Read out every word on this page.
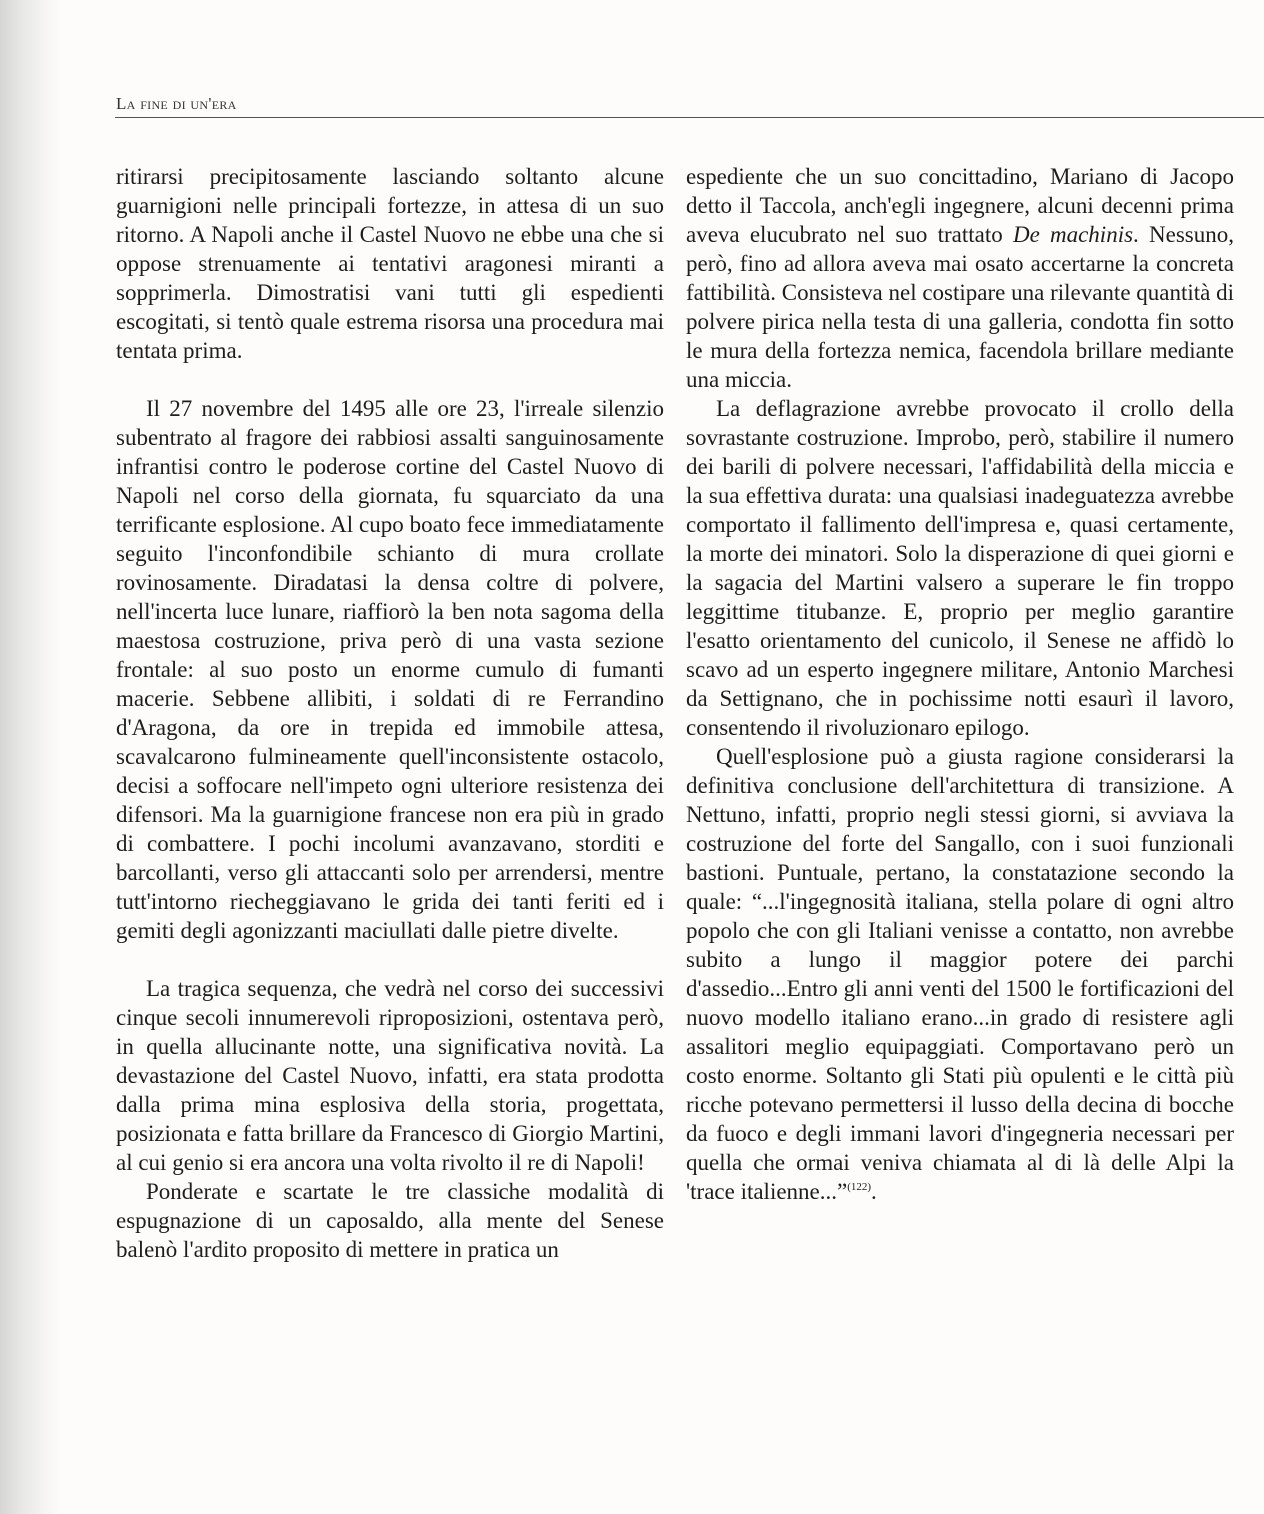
La fine di un'era

ritirarsi precipitosamente lasciando soltanto alcune guarnigioni nelle principali fortezze, in attesa di un suo ritorno. A Napoli anche il Castel Nuovo ne ebbe una che si oppose strenuamente ai tentativi aragonesi miranti a sopprimerla. Dimostratisi vani tutti gli espedienti escogitati, si tentò quale estrema risorsa una procedura mai tentata prima.

Il 27 novembre del 1495 alle ore 23, l'irreale silenzio subentrato al fragore dei rabbiosi assalti sanguinosamente infrantisi contro le poderose cortine del Castel Nuovo di Napoli nel corso della giornata, fu squarciato da una terrificante esplosione. Al cupo boato fece immediatamente seguito l'inconfondibile schianto di mura crollate rovinosamente. Diradatasi la densa coltre di polvere, nell'incerta luce lunare, riaffiorò la ben nota sagoma della maestosa costruzione, priva però di una vasta sezione frontale: al suo posto un enorme cumulo di fumanti macerie. Sebbene allibiti, i soldati di re Ferrandino d'Aragona, da ore in trepida ed immobile attesa, scavalcarono fulmineamente quell'inconsistente ostacolo, decisi a soffocare nell'impeto ogni ulteriore resistenza dei difensori. Ma la guarnigione francese non era più in grado di combattere. I pochi incolumi avanzavano, storditi e barcollanti, verso gli attaccanti solo per arrendersi, mentre tutt'intorno riecheggiavano le grida dei tanti feriti ed i gemiti degli agonizzanti maciullati dalle pietre divelte.

La tragica sequenza, che vedrà nel corso dei successivi cinque secoli innumerevoli riproposizioni, ostentava però, in quella allucinante notte, una significativa novità. La devastazione del Castel Nuovo, infatti, era stata prodotta dalla prima mina esplosiva della storia, progettata, posizionata e fatta brillare da Francesco di Giorgio Martini, al cui genio si era ancora una volta rivolto il re di Napoli!

Ponderate e scartate le tre classiche modalità di espugnazione di un caposaldo, alla mente del Senese balenò l'ardito proposito di mettere in pratica un

espediente che un suo concittadino, Mariano di Jacopo detto il Taccola, anch'egli ingegnere, alcuni decenni prima aveva elucubrato nel suo trattato De machinis. Nessuno, però, fino ad allora aveva mai osato accertarne la concreta fattibilità. Consisteva nel costipare una rilevante quantità di polvere pirica nella testa di una galleria, condotta fin sotto le mura della fortezza nemica, facendola brillare mediante una miccia.

La deflagrazione avrebbe provocato il crollo della sovrastante costruzione. Improbo, però, stabilire il numero dei barili di polvere necessari, l'affidabilità della miccia e la sua effettiva durata: una qualsiasi inadeguatezza avrebbe comportato il fallimento dell'impresa e, quasi certamente, la morte dei minatori. Solo la disperazione di quei giorni e la sagacia del Martini valsero a superare le fin troppo leggittime titubanze. E, proprio per meglio garantire l'esatto orientamento del cunicolo, il Senese ne affidò lo scavo ad un esperto ingegnere militare, Antonio Marchesi da Settignano, che in pochissime notti esaurì il lavoro, consentendo il rivoluzionaro epilogo.

Quell'esplosione può a giusta ragione considerarsi la definitiva conclusione dell'architettura di transizione. A Nettuno, infatti, proprio negli stessi giorni, si avviava la costruzione del forte del Sangallo, con i suoi funzionali bastioni. Puntuale, pertano, la constatazione secondo la quale: “...l'ingegnosità italiana, stella polare di ogni altro popolo che con gli Italiani venisse a contatto, non avrebbe subito a lungo il maggior potere dei parchi d'assedio...Entro gli anni venti del 1500 le fortificazioni del nuovo modello italiano erano...in grado di resistere agli assalitori meglio equipaggiati. Comportavano però un costo enorme. Soltanto gli Stati più opulenti e le città più ricche potevano permettersi il lusso della decina di bocche da fuoco e degli immani lavori d'ingegneria necessari per quella che ormai veniva chiamata al di là delle Alpi la 'trace italienne...”$^{(122)}$.
